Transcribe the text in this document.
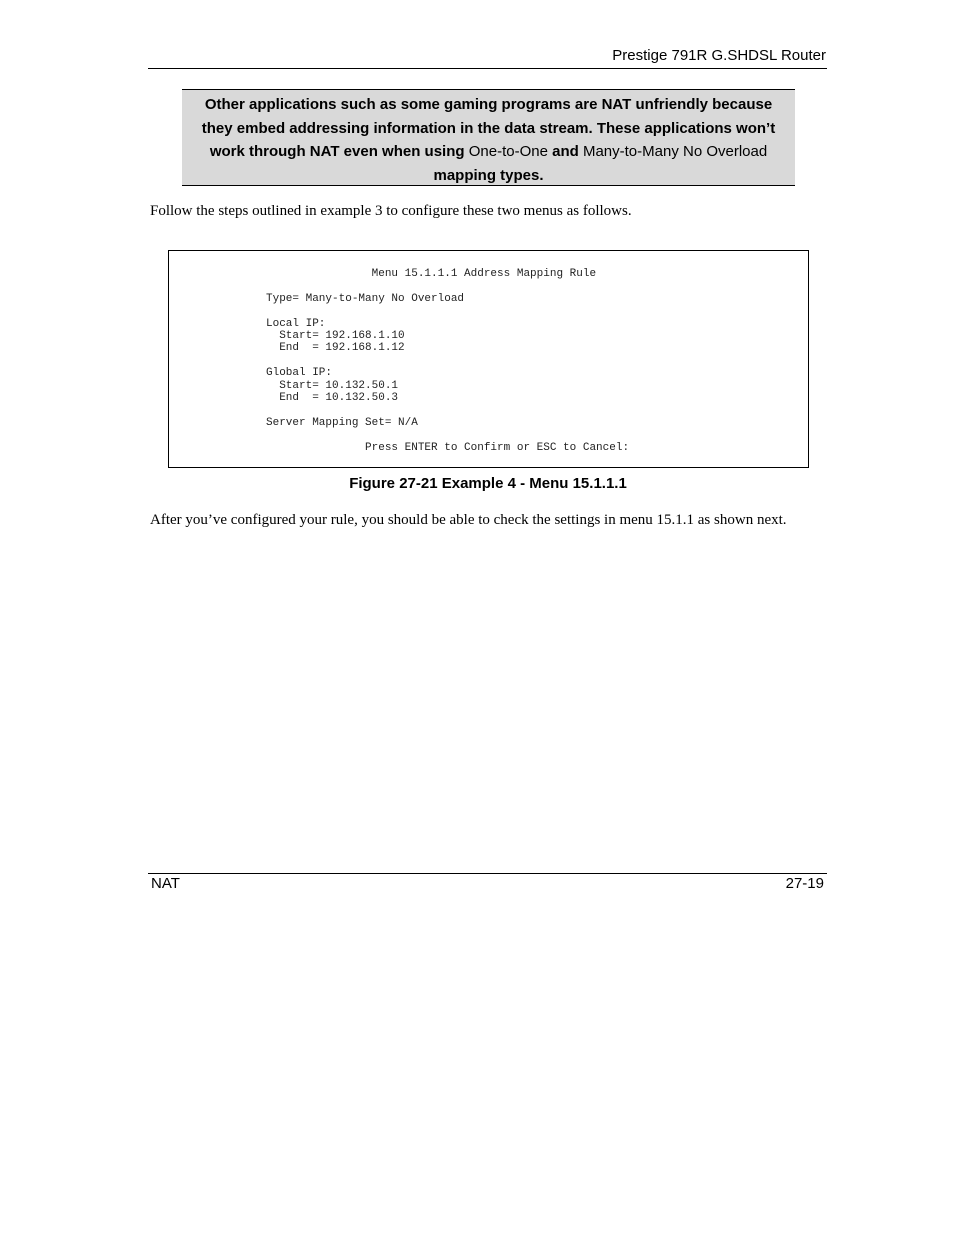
Prestige 791R G.SHDSL Router
Other applications such as some gaming programs are NAT unfriendly because they embed addressing information in the data stream. These applications won’t work through NAT even when using One-to-One and Many-to-Many No Overload mapping types.
Follow the steps outlined in example 3 to configure these two menus as follows.
Menu 15.1.1.1 Address Mapping Rule

Type= Many-to-Many No Overload

Local IP:
Start= 192.168.1.10
End  = 192.168.1.12

Global IP:
Start= 10.132.50.1
End  = 10.132.50.3

Server Mapping Set= N/A

Press ENTER to Confirm or ESC to Cancel:
Figure 27-21 Example 4 - Menu 15.1.1.1
After you’ve configured your rule, you should be able to check the settings in menu 15.1.1 as shown next.
NAT	27-19
